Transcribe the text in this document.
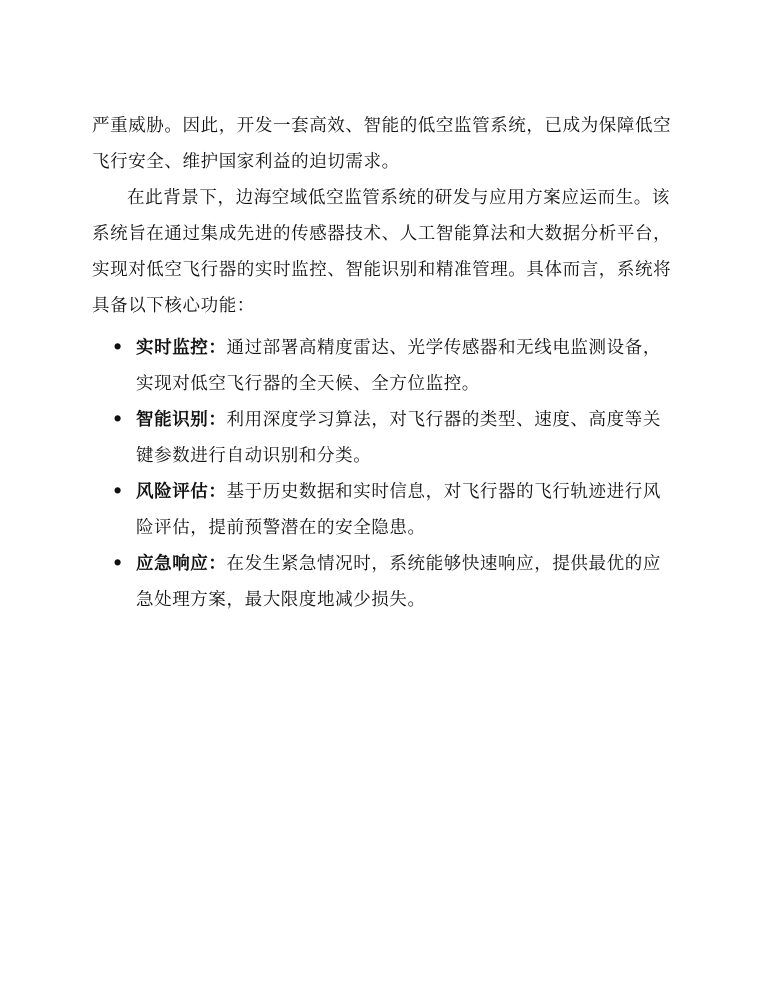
严重威胁。因此，开发一套高效、智能的低空监管系统，已成为保障低空飞行安全、维护国家利益的迫切需求。

在此背景下，边海空域低空监管系统的研发与应用方案应运而生。该系统旨在通过集成先进的传感器技术、人工智能算法和大数据分析平台，实现对低空飞行器的实时监控、智能识别和精准管理。具体而言，系统将具备以下核心功能：

• 实时监控：通过部署高精度雷达、光学传感器和无线电监测设备，实现对低空飞行器的全天候、全方位监控。
• 智能识别：利用深度学习算法，对飞行器的类型、速度、高度等关键参数进行自动识别和分类。
• 风险评估：基于历史数据和实时信息，对飞行器的飞行轨迹进行风险评估，提前预警潜在的安全隐患。
• 应急响应：在发生紧急情况时，系统能够快速响应，提供最优的应急处理方案，最大限度地减少损失。
